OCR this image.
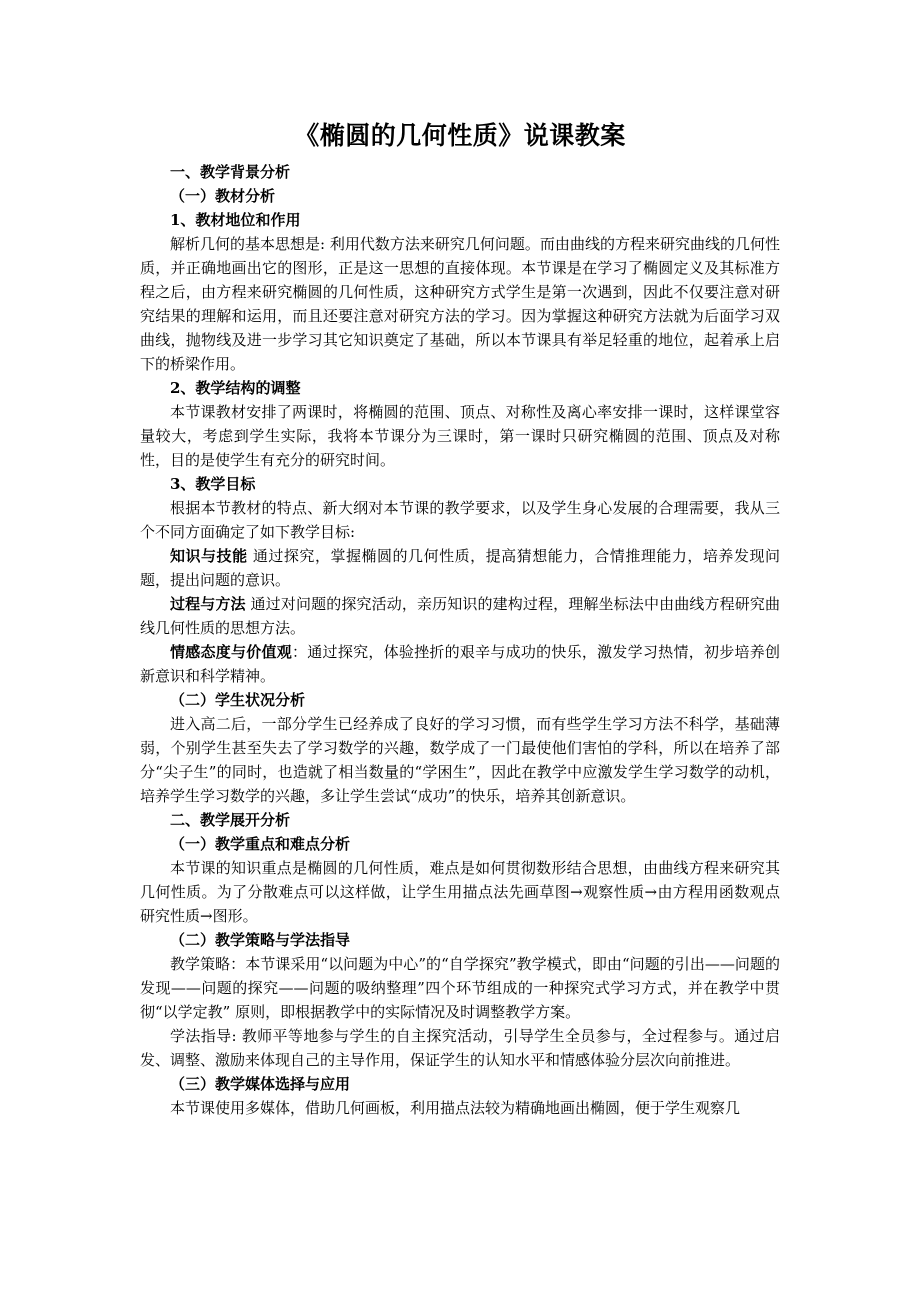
《椭圆的几何性质》说课教案
一、教学背景分析
（一）教材分析
1、教材地位和作用

解析几何的基本思想是: 利用代数方法来研究几何问题。而由曲线的方程来研究曲线的几何性质，并正确地画出它的图形，正是这一思想的直接体现。本节课是在学习了椭圆定义及其标准方程之后，由方程来研究椭圆的几何性质，这种研究方式学生是第一次遇到，因此不仅要注意对研究结果的理解和运用，而且还要注意对研究方法的学习。因为掌握这种研究方法就为后面学习双曲线，抛物线及进一步学习其它知识奠定了基础，所以本节课具有举足轻重的地位，起着承上启下的桥梁作用。

2、教学结构的调整

本节课教材安排了两课时，将椭圆的范围、顶点、对称性及离心率安排一课时，这样课堂容量较大，考虑到学生实际，我将本节课分为三课时，第一课时只研究椭圆的范围、顶点及对称性，目的是使学生有充分的研究时间。

3、教学目标

根据本节教材的特点、新大纲对本节课的教学要求，以及学生身心发展的合理需要，我从三个不同方面确定了如下教学目标:

知识与技能 通过探究，掌握椭圆的几何性质，提高猜想能力，合情推理能力，培养发现问题，提出问题的意识。

过程与方法 通过对问题的探究活动，亲历知识的建构过程，理解坐标法中由曲线方程研究曲线几何性质的思想方法。

情感态度与价值观：通过探究，体验挫折的艰辛与成功的快乐，激发学习热情，初步培养创新意识和科学精神。

（二）学生状况分析

进入高二后，一部分学生已经养成了良好的学习习惯，而有些学生学习方法不科学，基础薄弱，个别学生甚至失去了学习数学的兴趣，数学成了一门最使他们害怕的学科，所以在培养了部分“尖子生”的同时，也造就了相当数量的“学困生”，因此在教学中应激发学生学习数学的动机，培养学生学习数学的兴趣，多让学生尝试“成功”的快乐，培养其创新意识。

二、教学展开分析
（一）教学重点和难点分析

本节课的知识重点是椭圆的几何性质，难点是如何贯彻数形结合思想，由曲线方程来研究其几何性质。为了分散难点可以这样做，让学生用描点法先画草图→观察性质→由方程用函数观点研究性质→图形。

（二）教学策略与学法指导

教学策略：本节课采用“以问题为中心”的“自学探究”教学模式，即由“问题的引出——问题的发现——问题的探究——问题的吸纳整理”四个环节组成的一种探究式学习方式，并在教学中贯彻“以学定教” 原则，即根据教学中的实际情况及时调整教学方案。

学法指导: 教师平等地参与学生的自主探究活动，引导学生全员参与，全过程参与。通过启发、调整、激励来体现自己的主导作用，保证学生的认知水平和情感体验分层次向前推进。

（三）教学媒体选择与应用

本节课使用多媒体，借助几何画板，利用描点法较为精确地画出椭圆，便于学生观察几
